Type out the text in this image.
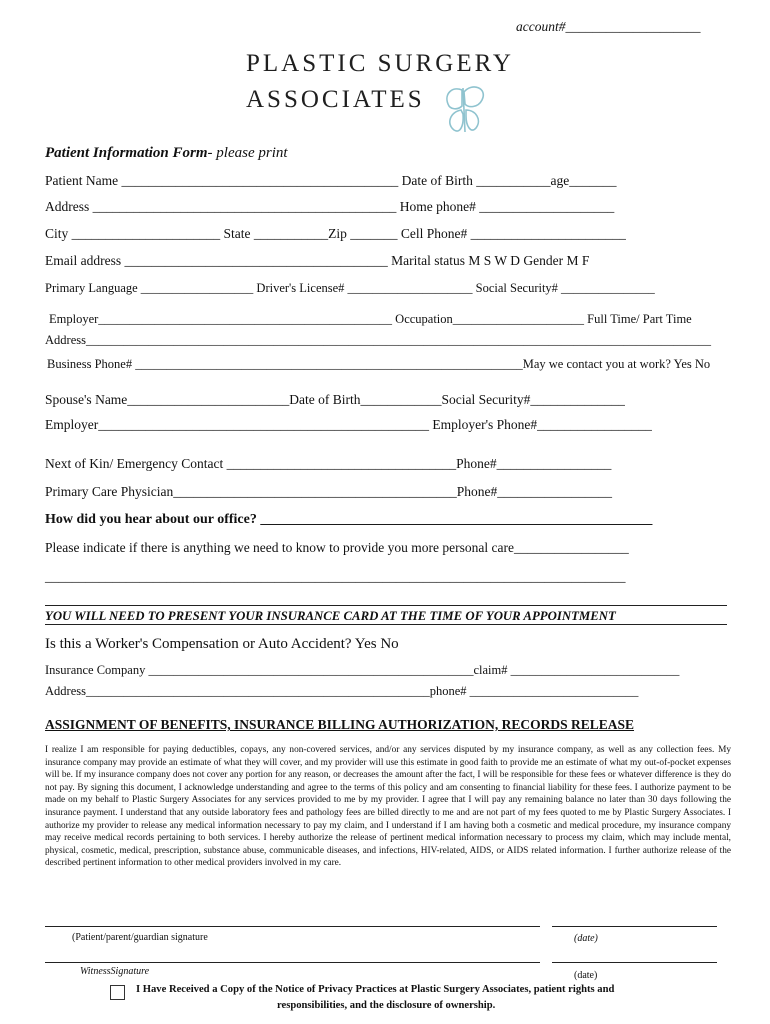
account#____________________
PLASTIC SURGERY
ASSOCIATES
Patient Information Form- please print
Patient Name _________________________________________ Date of Birth ___________age_______
Address _____________________________________________ Home phone# ____________________
City ______________________ State ___________Zip _______ Cell Phone# _______________________
Email address _______________________________________ Marital status M S W D Gender M F
Primary Language __________________ Driver's License# ____________________ Social Security# _______________
Employer_______________________________________________ Occupation_____________________ Full Time/ Part Time
Address____________________________________________________________________________________________________
Business Phone# ______________________________________________________________May we contact you at work? Yes No
Spouse's Name________________________Date of Birth____________Social Security#______________
Employer_________________________________________________ Employer's Phone#_________________
Next of Kin/ Emergency Contact __________________________________Phone#_________________
Primary Care Physician__________________________________________Phone#_________________
How did you hear about our office? ________________________________________________________
Please indicate if there is anything we need to know to provide you more personal care_________________
______________________________________________________________________________________
YOU WILL NEED TO PRESENT YOUR INSURANCE CARD AT THE TIME OF YOUR APPOINTMENT
Is this a Worker's Compensation or Auto Accident? Yes No
Insurance Company ____________________________________________________claim# ___________________________
Address_______________________________________________________phone# ___________________________
ASSIGNMENT OF BENEFITS, INSURANCE BILLING AUTHORIZATION, RECORDS RELEASE
I realize I am responsible for paying deductibles, copays, any non-covered services, and/or any services disputed by my insurance company, as well as any collection fees. My insurance company may provide an estimate of what they will cover, and my provider will use this estimate in good faith to provide me an estimate of what my out-of-pocket expenses will be. If my insurance company does not cover any portion for any reason, or decreases the amount after the fact, I will be responsible for these fees or whatever difference is they do not pay. By signing this document, I acknowledge understanding and agree to the terms of this policy and am consenting to financial liability for these fees. I authorize payment to be made on my behalf to Plastic Surgery Associates for any services provided to me by my provider. I agree that I will pay any remaining balance no later than 30 days following the insurance payment. I understand that any outside laboratory fees and pathology fees are billed directly to me and are not part of my fees quoted to me by Plastic Surgery Associates. I authorize my provider to release any medical information necessary to pay my claim, and I understand if I am having both a cosmetic and medical procedure, my insurance company may receive medical records pertaining to both services. I hereby authorize the release of pertinent medical information necessary to process my claim, which may include mental, physical, cosmetic, medical, prescription, substance abuse, communicable diseases, and infections, HIV-related, AIDS, or AIDS related information. I further authorize release of the described pertinent information to other medical providers involved in my care.
(Patient/parent/guardian signature	(date)
WitnessSignature	(date)
I Have Received a Copy of the Notice of Privacy Practices at Plastic Surgery Associates, patient rights and
responsibilities, and the disclosure of ownership.
